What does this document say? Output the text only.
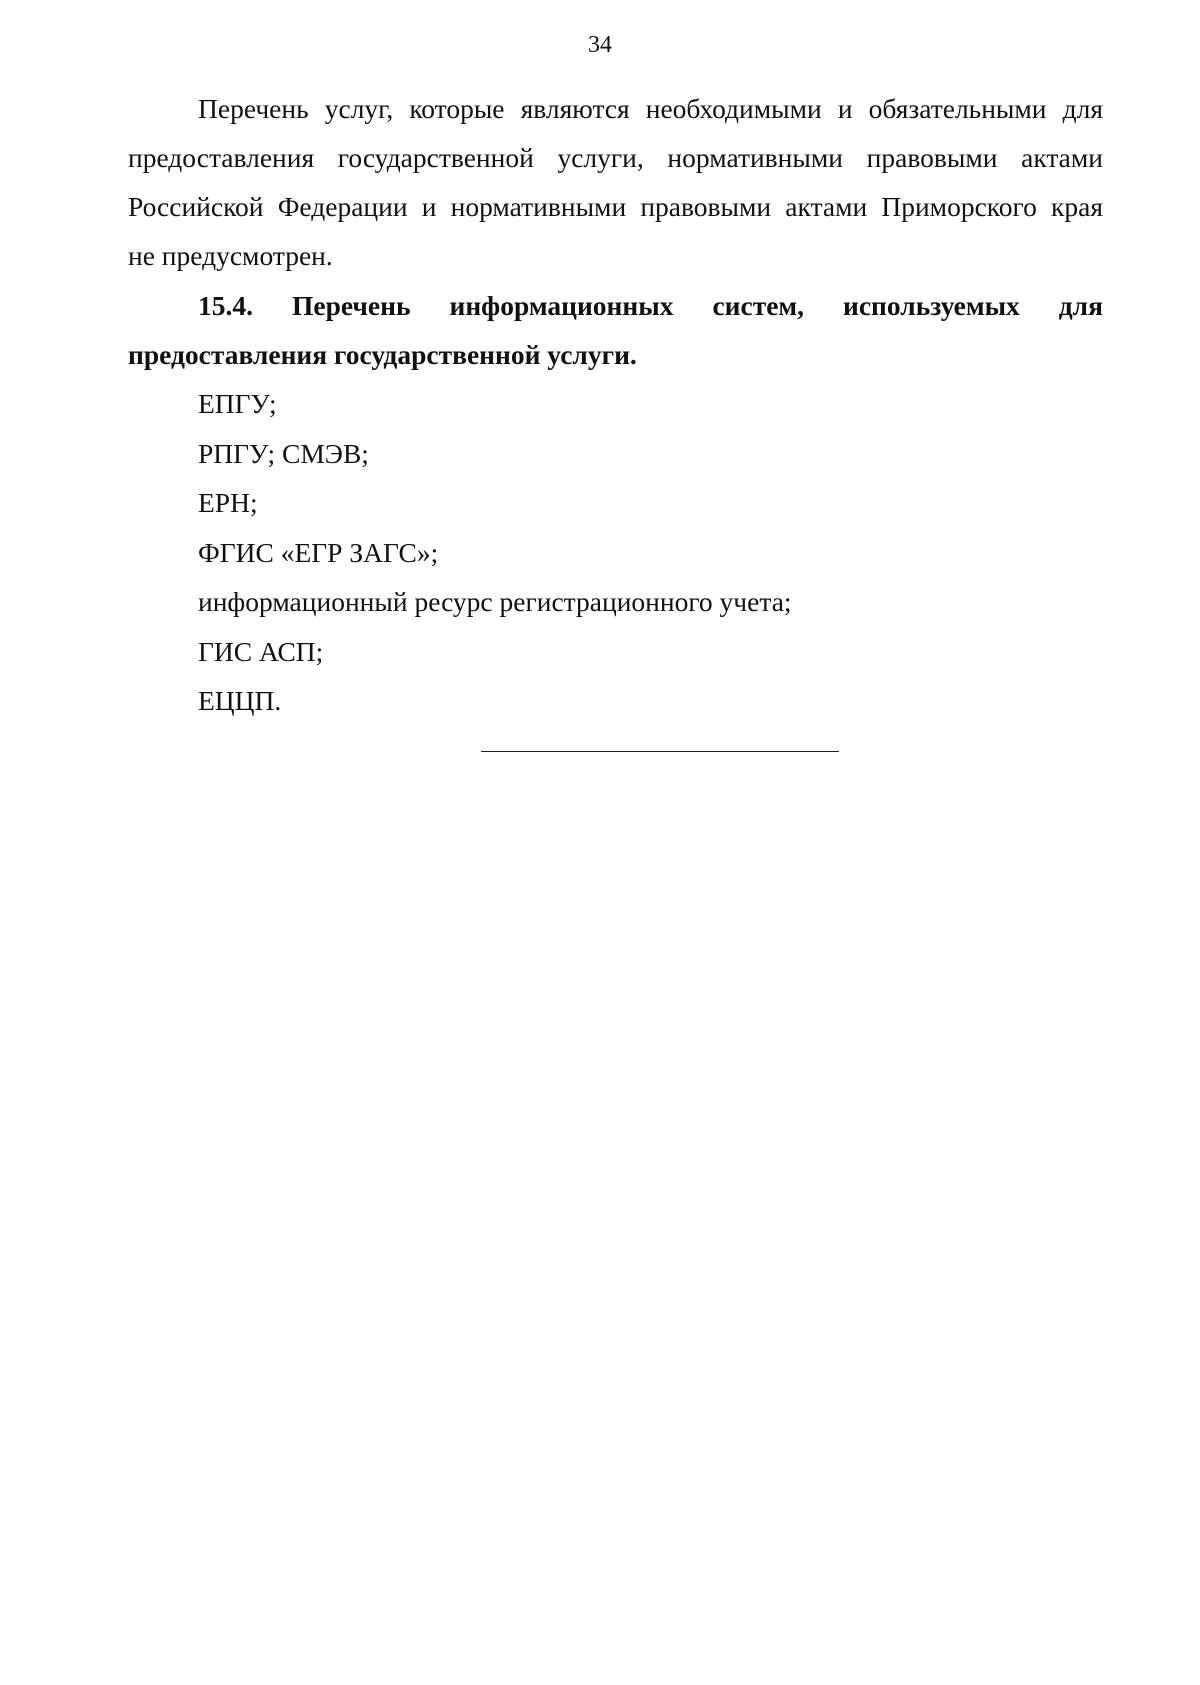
34
Перечень услуг, которые являются необходимыми и обязательными для
предоставления государственной услуги, нормативными правовыми актами
Российской Федерации и нормативными правовыми актами Приморского края
не предусмотрен.
15.4. Перечень информационных систем, используемых для
предоставления государственной услуги.
ЕПГУ;
РПГУ; СМЭВ;
ЕРН;
ФГИС «ЕГР ЗАГС»;
информационный ресурс регистрационного учета;
ГИС АСП;
ЕЦЦП.
